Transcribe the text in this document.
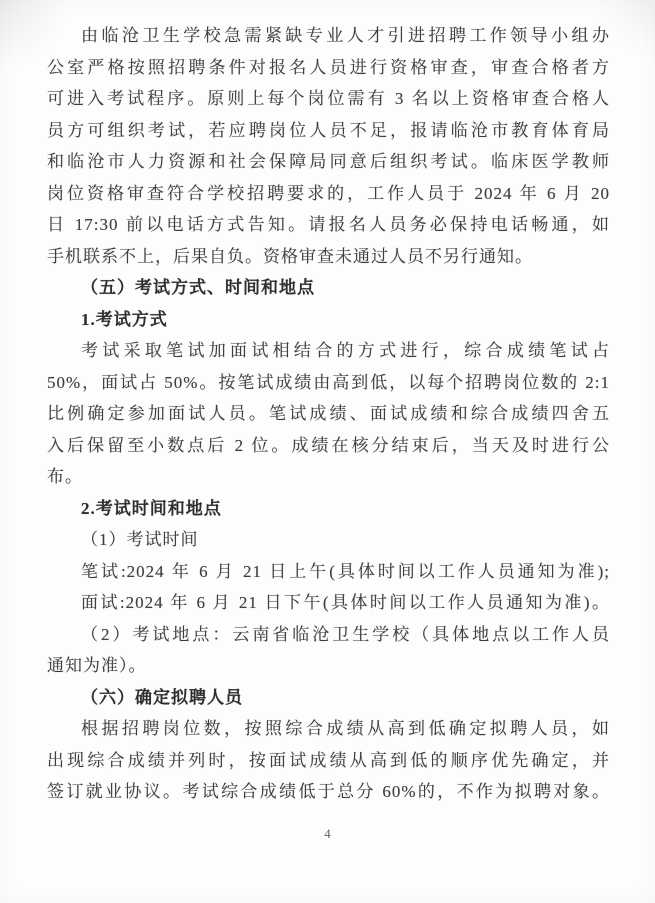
由临沧卫生学校急需紧缺专业人才引进招聘工作领导小组办
公室严格按照招聘条件对报名人员进行资格审查，审查合格者方
可进入考试程序。原则上每个岗位需有 3 名以上资格审查合格人
员方可组织考试，若应聘岗位人员不足，报请临沧市教育体育局
和临沧市人力资源和社会保障局同意后组织考试。临床医学教师
岗位资格审查符合学校招聘要求的，工作人员于 2024 年 6 月 20
日 17:30 前以电话方式告知。请报名人员务必保持电话畅通，如
手机联系不上，后果自负。资格审查未通过人员不另行通知。
（五）考试方式、时间和地点
1.考试方式
考试采取笔试加面试相结合的方式进行，综合成绩笔试占
50%，面试占 50%。按笔试成绩由高到低，以每个招聘岗位数的 2:1
比例确定参加面试人员。笔试成绩、面试成绩和综合成绩四舍五
入后保留至小数点后 2 位。成绩在核分结束后，当天及时进行公
布。
2.考试时间和地点
（1）考试时间
笔试:2024 年 6 月 21 日上午(具体时间以工作人员通知为准);
面试:2024 年 6 月 21 日下午(具体时间以工作人员通知为准)。
（2）考试地点：云南省临沧卫生学校（具体地点以工作人员
通知为准）。
（六）确定拟聘人员
根据招聘岗位数，按照综合成绩从高到低确定拟聘人员，如
出现综合成绩并列时，按面试成绩从高到低的顺序优先确定，并
签订就业协议。考试综合成绩低于总分 60%的，不作为拟聘对象。
4
